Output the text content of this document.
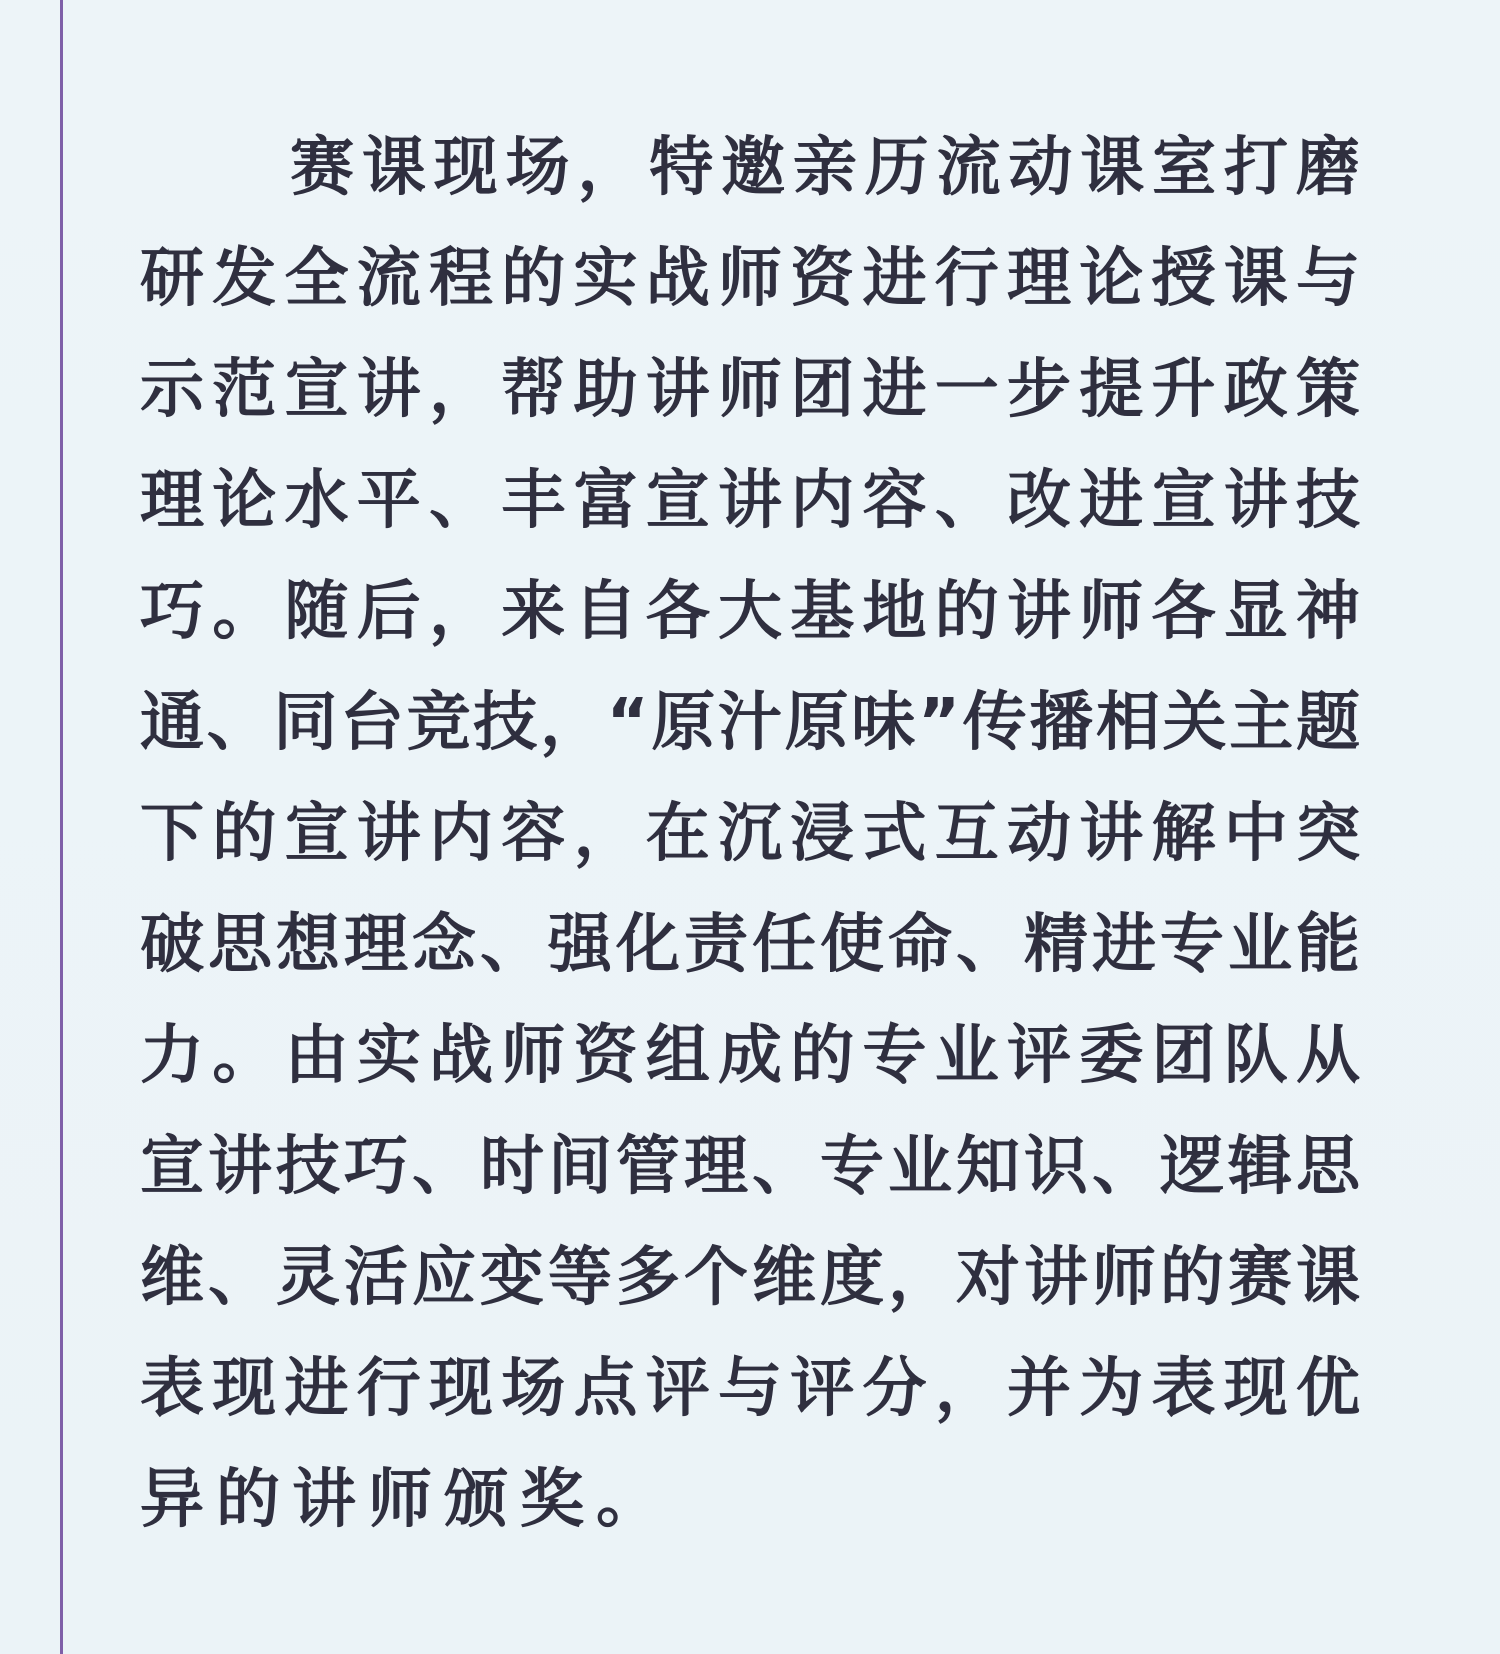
赛 课 现 场 ， 特 邀 亲 历 流 动 课 室 打 磨
研 发 全 流 程 的 实 战 师 资 进 行 理 论 授 课 与
示 范 宣 讲 ， 帮 助 讲 师 团 进 一 步 提 升 政 策
理 论 水 平 、 丰 富 宣 讲 内 容 、 改 进 宣 讲 技
巧 。 随 后 ， 来 自 各 大 基 地 的 讲 师 各 显 神
通 、 同 台 竞 技 ， “ 原 汁 原 味 ” 传 播 相 关 主 题
下 的 宣 讲 内 容 ， 在 沉 浸 式 互 动 讲 解 中 突
破 思 想 理 念 、 强 化 责 任 使 命 、 精 进 专 业 能
力 。 由 实 战 师 资 组 成 的 专 业 评 委 团 队 从
宣 讲 技 巧 、 时 间 管 理 、 专 业 知 识 、 逻 辑 思
维 、 灵 活 应 变 等 多 个 维 度 ， 对 讲 师 的 赛 课
表 现 进 行 现 场 点 评 与 评 分 ， 并 为 表 现 优
异 的 讲 师 颁 奖 。
